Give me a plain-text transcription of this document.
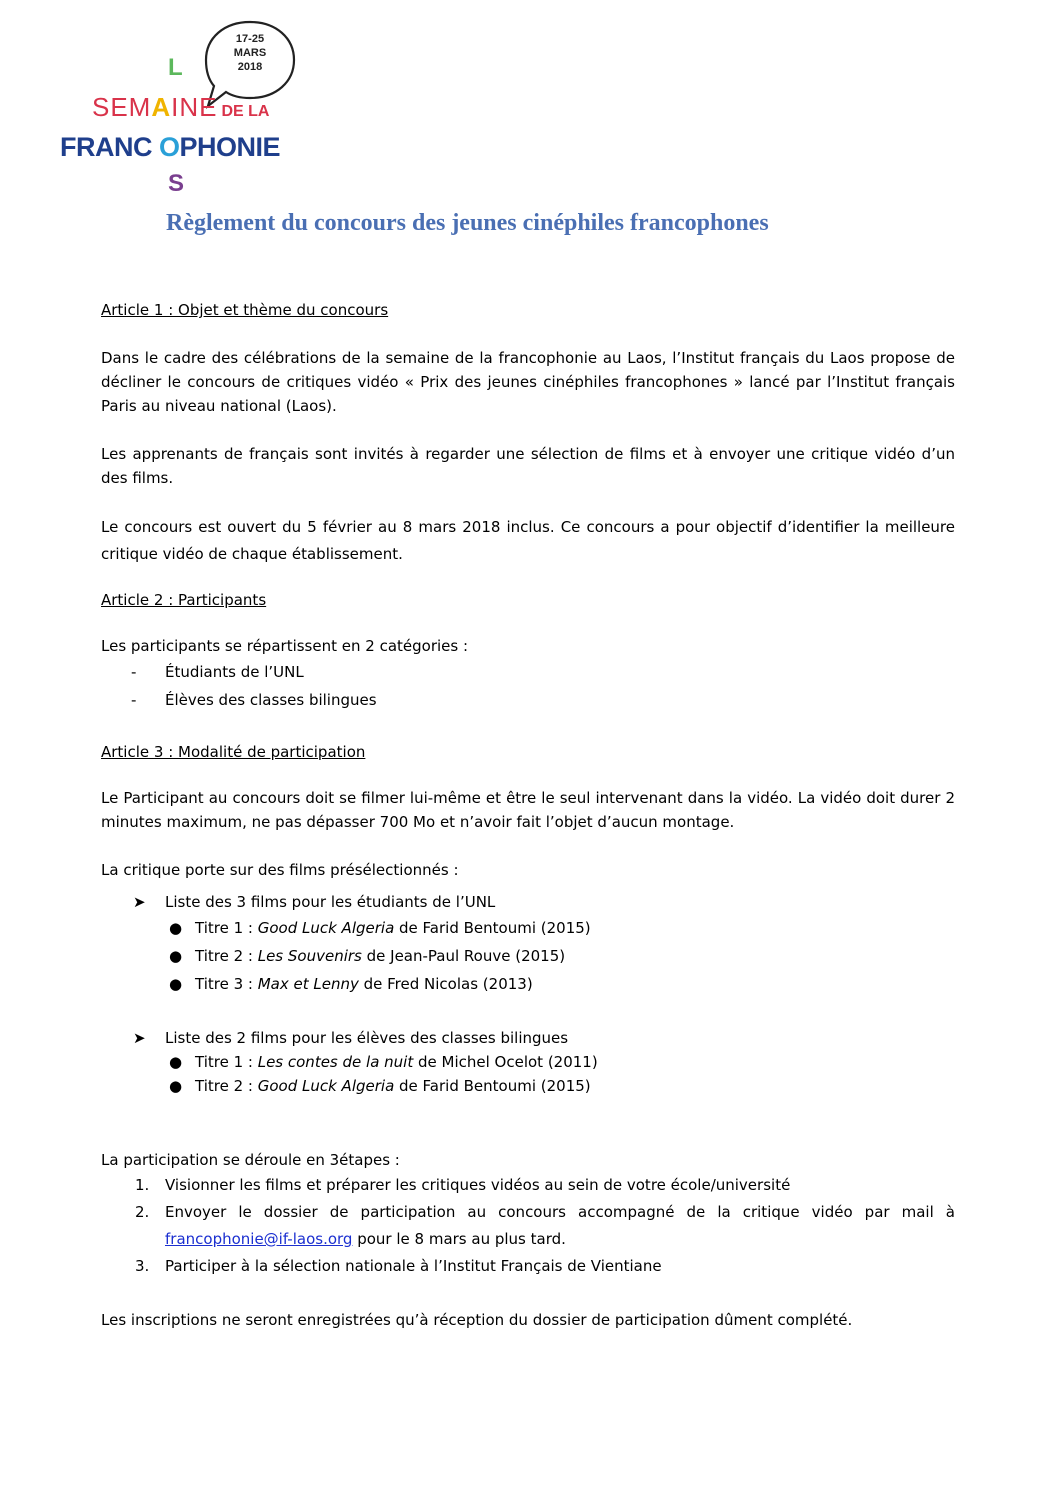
17-25
MARS
2018
L
SEMAINE DE LA
FRANC OPHONIE
S
Règlement du concours des jeunes cinéphiles francophones

Article 1 : Objet et thème du concours

Dans le cadre des célébrations de la semaine de la francophonie au Laos, l’Institut français du Laos propose de décliner le concours de critiques vidéo « Prix des jeunes cinéphiles francophones » lancé par l’Institut français Paris au niveau national (Laos).

Les apprenants de français sont invités à regarder une sélection de films et à envoyer une critique vidéo d’un des films.

Le concours est ouvert du 5 février au 8 mars 2018 inclus. Ce concours a pour objectif d’identifier la meilleure critique vidéo de chaque établissement.

Article 2 : Participants

Les participants se répartissent en 2 catégories :

- Étudiants de l’UNL
- Élèves des classes bilingues

Article 3 : Modalité de participation

Le Participant au concours doit se filmer lui-même et être le seul intervenant dans la vidéo. La vidéo doit durer 2 minutes maximum, ne pas dépasser 700 Mo et n’avoir fait l’objet d’aucun montage.

La critique porte sur des films présélectionnés :

➤ Liste des 3 films pour les étudiants de l’UNL
● Titre 1 : Good Luck Algeria de Farid Bentoumi (2015)
● Titre 2 : Les Souvenirs de Jean-Paul Rouve (2015)
● Titre 3 : Max et Lenny de Fred Nicolas (2013)
➤ Liste des 2 films pour les élèves des classes bilingues
● Titre 1 : Les contes de la nuit de Michel Ocelot (2011)
● Titre 2 : Good Luck Algeria de Farid Bentoumi (2015)

La participation se déroule en 3étapes :

1. Visionner les films et préparer les critiques vidéos au sein de votre école/université
2. Envoyer le dossier de participation au concours accompagné de la critique vidéo par mail à francophonie@if-laos.org pour le 8 mars au plus tard.
3. Participer à la sélection nationale à l’Institut Français de Vientiane

Les inscriptions ne seront enregistrées qu’à réception du dossier de participation dûment complété.
